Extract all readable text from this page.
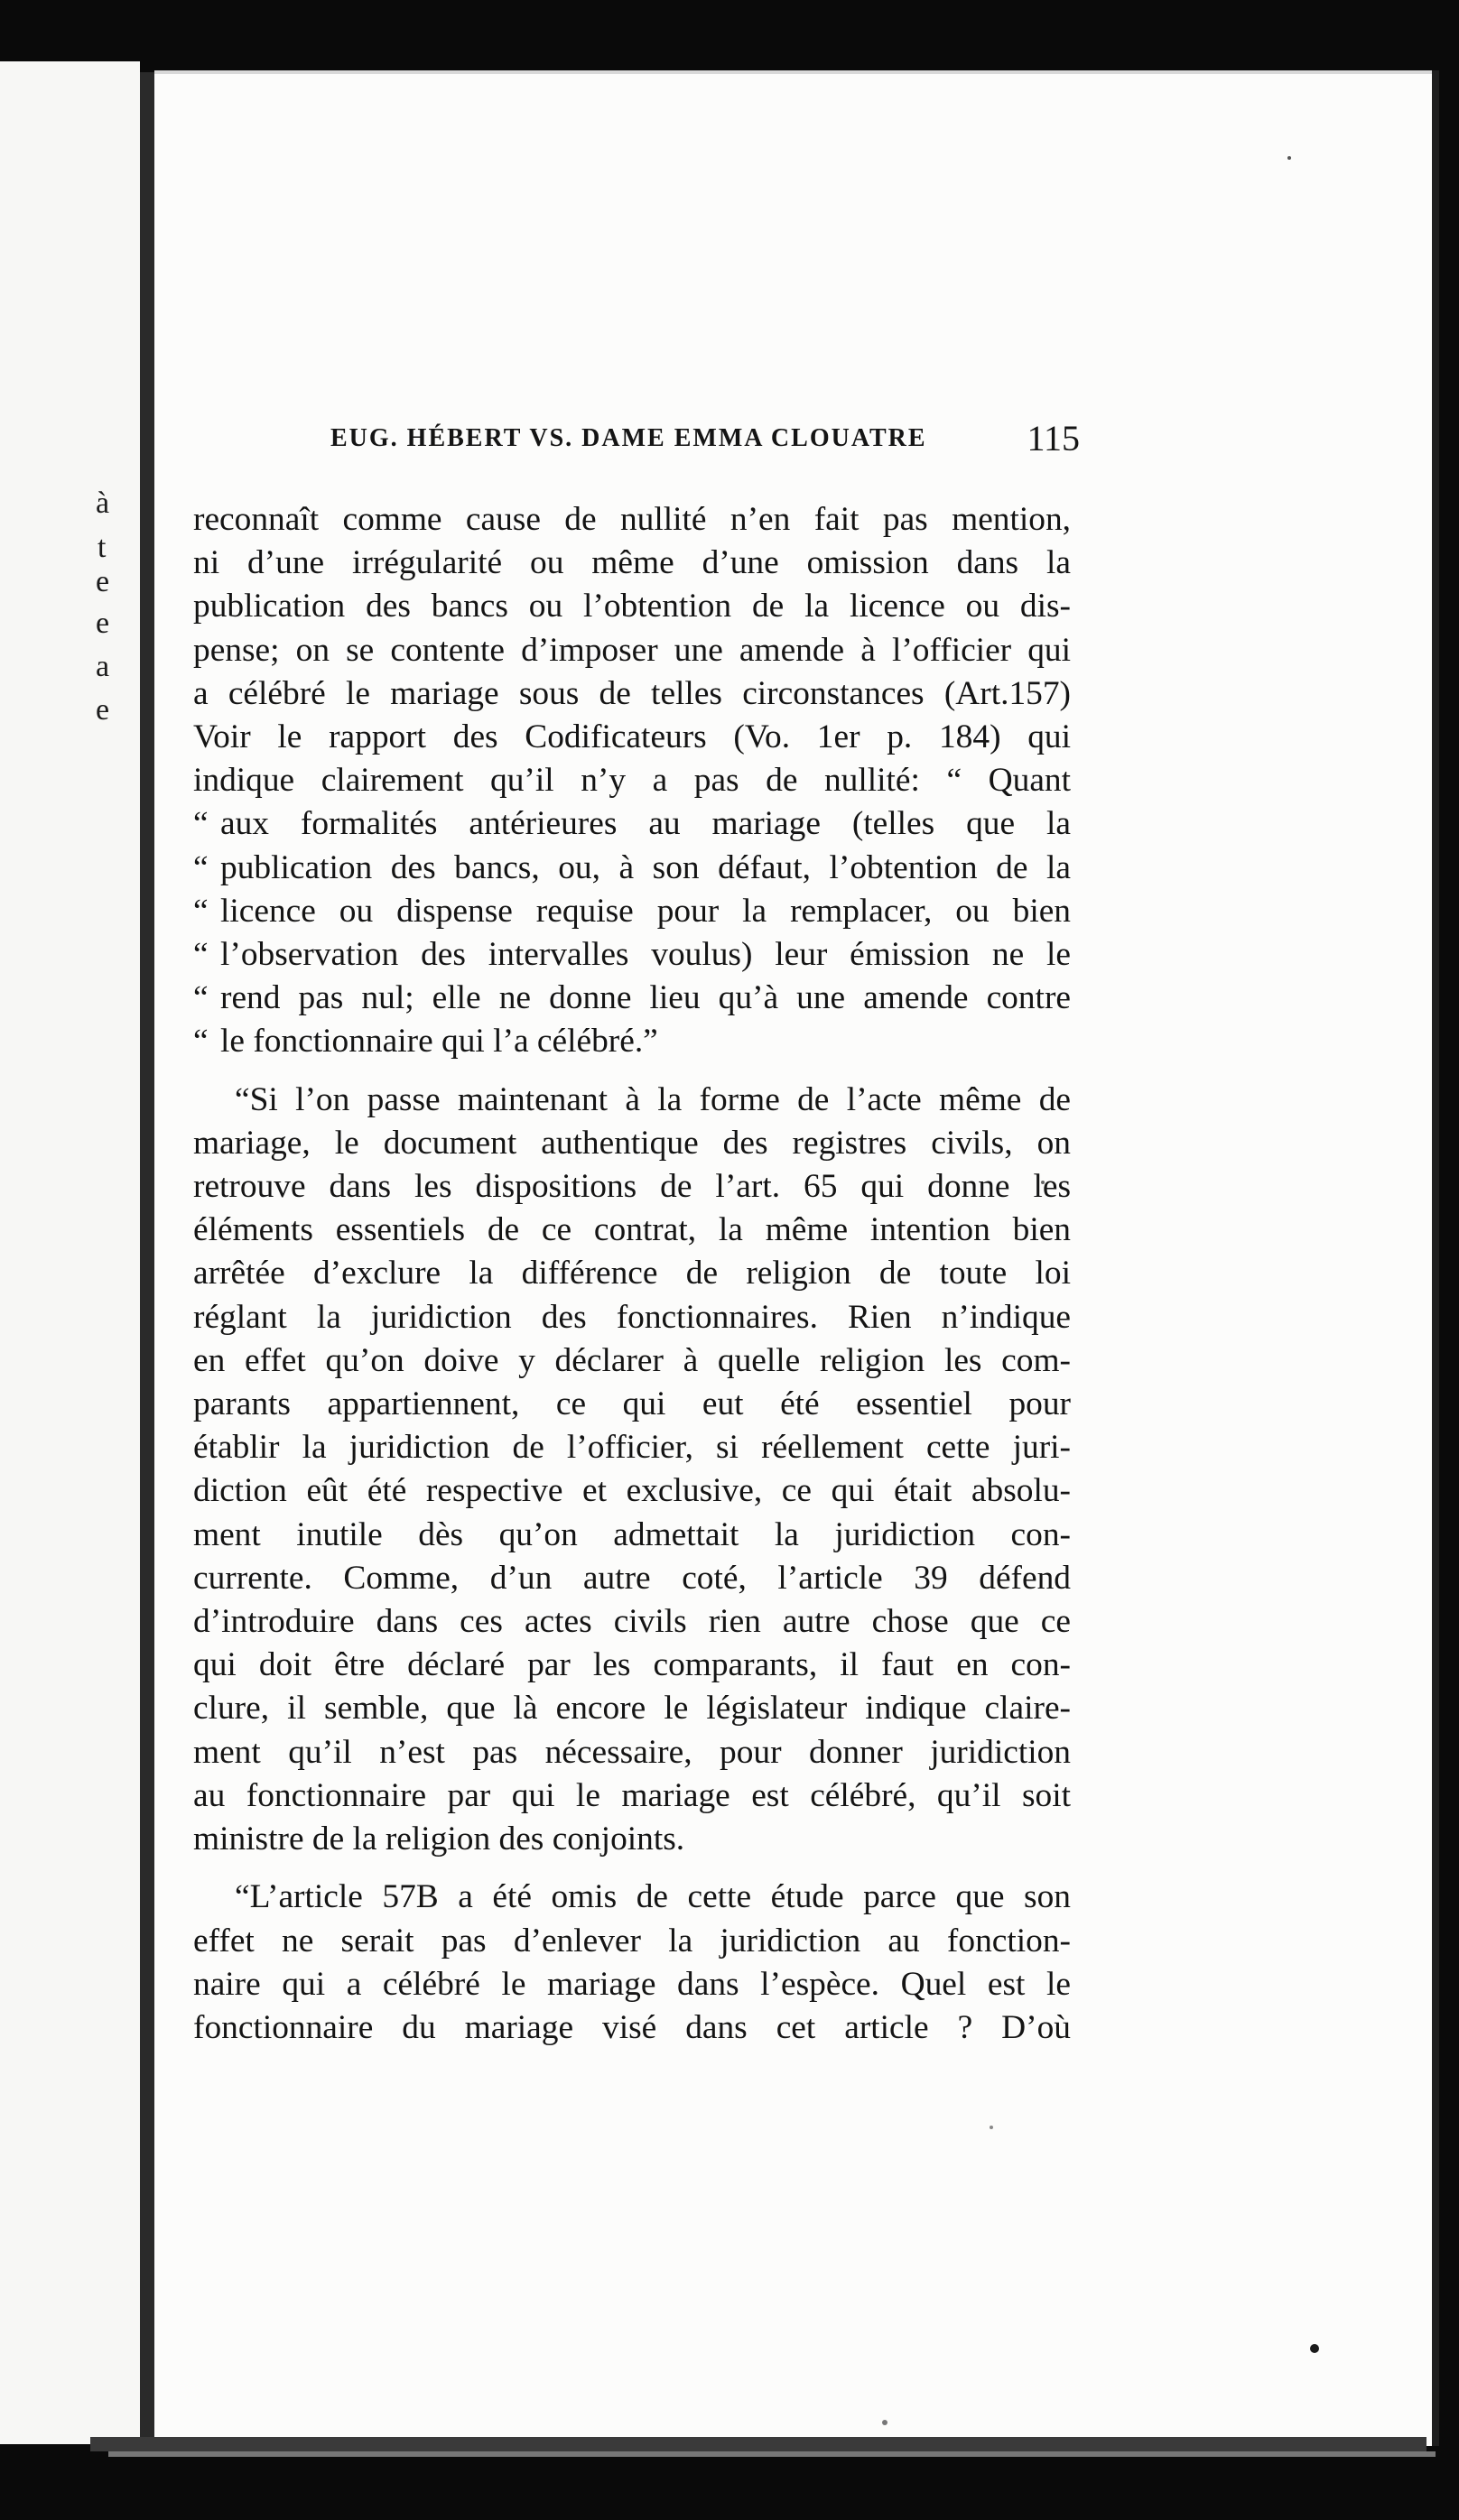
à
t
e
e
a
e
EUG. HÉBERT VS. DAME EMMA CLOUATRE	115

reconnaît comme cause de nullité n’en fait pas mention,
ni d’une irrégularité ou même d’une omission dans la
publication des bancs ou l’obtention de la licence ou dis-
pense; on se contente d’imposer une amende à l’officier qui
a célébré le mariage sous de telles circonstances (Art.157)
Voir le rapport des Codificateurs (Vo. 1er p. 184) qui
indique clairement qu’il n’y a pas de nullité: “ Quant
“ aux formalités antérieures au mariage (telles que la
“ publication des bancs, ou, à son défaut, l’obtention de la
“ licence ou dispense requise pour la remplacer, ou bien
“ l’observation des intervalles voulus) leur émission ne le
“ rend pas nul; elle ne donne lieu qu’à une amende contre
“ le fonctionnaire qui l’a célébré.”

“Si l’on passe maintenant à la forme de l’acte même de
mariage, le document authentique des registres civils, on
retrouve dans les dispositions de l’art. 65 qui donne les
éléments essentiels de ce contrat, la même intention bien
arrêtée d’exclure la différence de religion de toute loi
réglant la juridiction des fonctionnaires. Rien n’indique
en effet qu’on doive y déclarer à quelle religion les com-
parants appartiennent, ce qui eut été essentiel pour
établir la juridiction de l’officier, si réellement cette juri-
diction eût été respective et exclusive, ce qui était absolu-
ment inutile dès qu’on admettait la juridiction con-
currente. Comme, d’un autre coté, l’article 39 défend
d’introduire dans ces actes civils rien autre chose que ce
qui doit être déclaré par les comparants, il faut en con-
clure, il semble, que là encore le législateur indique claire-
ment qu’il n’est pas nécessaire, pour donner juridiction
au fonctionnaire par qui le mariage est célébré, qu’il soit
ministre de la religion des conjoints.

“L’article 57B a été omis de cette étude parce que son
effet ne serait pas d’enlever la juridiction au fonction-
naire qui a célébré le mariage dans l’espèce. Quel est le
fonctionnaire du mariage visé dans cet article ? D’où
